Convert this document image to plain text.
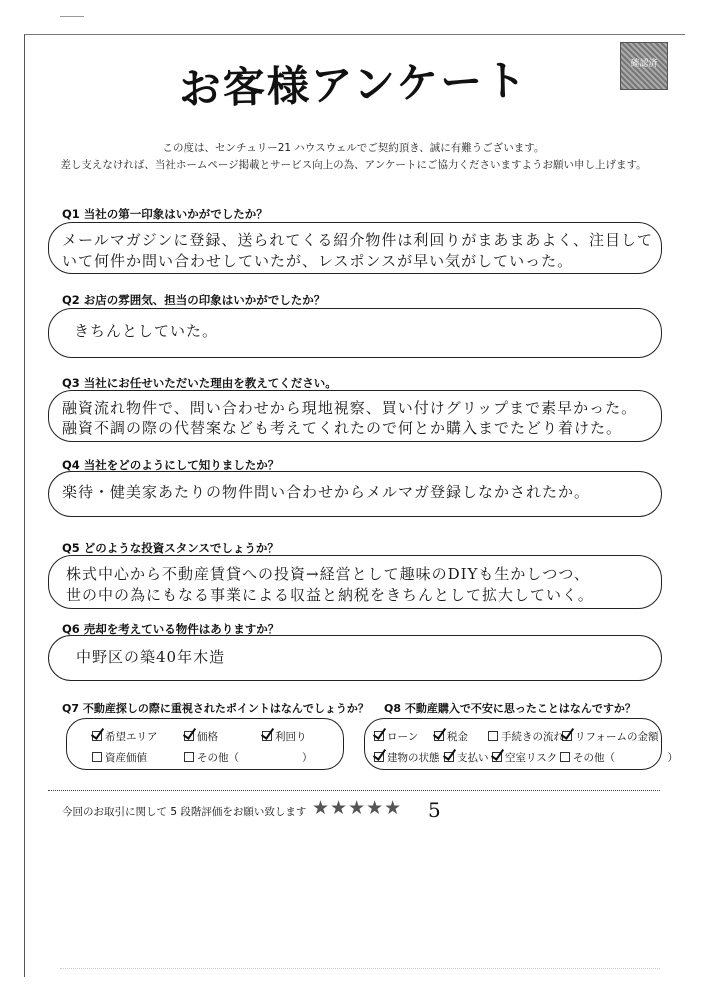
お客様アンケート	確認済
この度は、センチュリー21 ハウスウェルでご契約頂き、誠に有難うございます。
差し支えなければ、当社ホームページ掲載とサービス向上の為、アンケートにご協力くださいますようお願い申し上げます。
Q1 当社の第一印象はいかがでしたか？
メールマガジンに登録、送られてくる紹介物件は利回りがまあまあよく、注目して
いて何件か問い合わせしていたが、レスポンスが早い気がしていった。
Q2 お店の雰囲気、担当の印象はいかがでしたか？
きちんとしていた。
Q3 当社にお任せいただいた理由を教えてください。
融資流れ物件で、問い合わせから現地視察、買い付けグリップまで素早かった。
融資不調の際の代替案なども考えてくれたので何とか購入までたどり着けた。
Q4 当社をどのようにして知りましたか？
楽待・健美家あたりの物件問い合わせからメルマガ登録しなかされたか。
Q5 どのような投資スタンスでしょうか？
株式中心から不動産賃貸への投資→経営として趣味のDIYも生かしつつ、
世の中の為にもなる事業による収益と納税をきちんとして拡大していく。
Q6 売却を考えている物件はありますか？
中野区の築40年木造
Q7 不動産探しの際に重視されたポイントはなんでしょうか？
希望エリア	価格	利回り
資産価値	その他（　　　　　　）
Q8 不動産購入で不安に思ったことはなんですか？
ローン	税金	手続きの流れ	リフォームの金額
建物の状態	支払い	空室リスク	その他（　　　　　）
今回のお取引に関して 5 段階評価をお願い致します ★★★★★ 5
